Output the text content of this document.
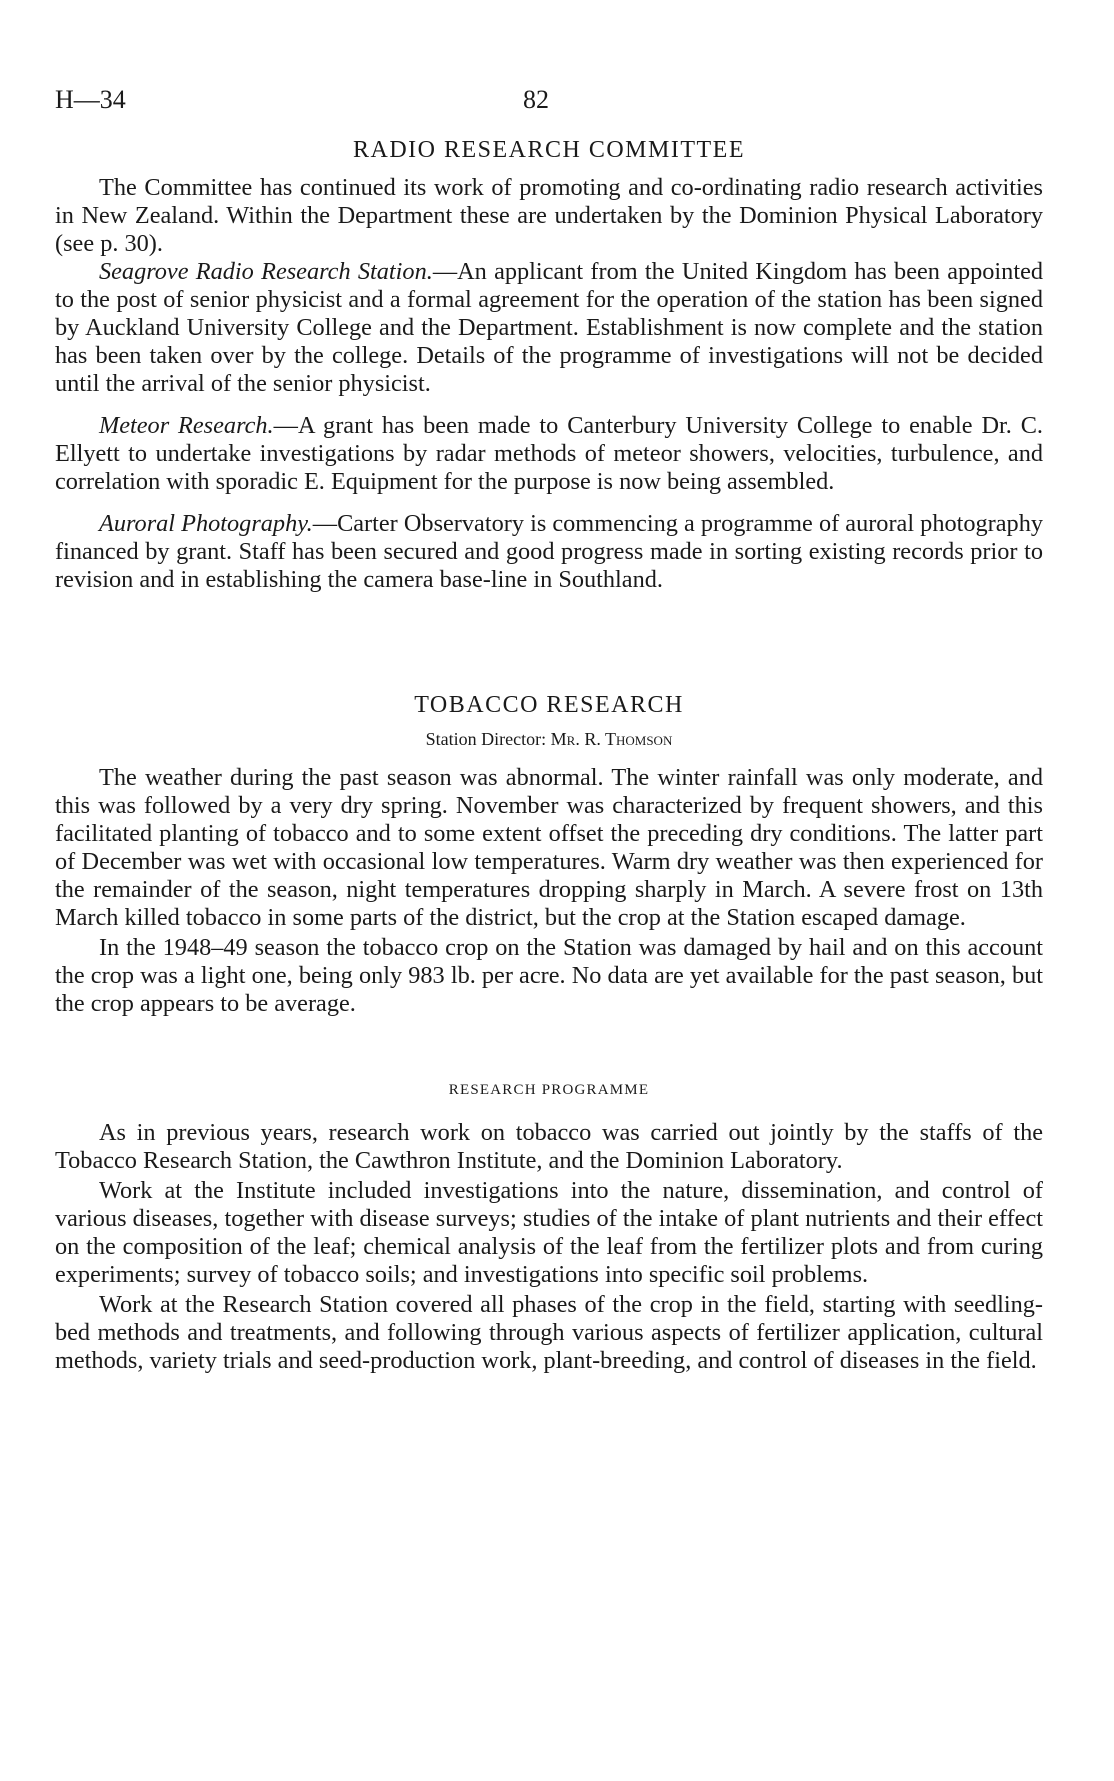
H—34	82
RADIO RESEARCH COMMITTEE

The Committee has continued its work of promoting and co-ordinating radio research activities in New Zealand. Within the Department these are undertaken by the Dominion Physical Laboratory (see p. 30).

Seagrove Radio Research Station.—An applicant from the United Kingdom has been appointed to the post of senior physicist and a formal agreement for the operation of the station has been signed by Auckland University College and the Department. Establishment is now complete and the station has been taken over by the college. Details of the programme of investigations will not be decided until the arrival of the senior physicist.

Meteor Research.—A grant has been made to Canterbury University College to enable Dr. C. Ellyett to undertake investigations by radar methods of meteor showers, velocities, turbulence, and correlation with sporadic E. Equipment for the purpose is now being assembled.

Auroral Photography.—Carter Observatory is commencing a programme of auroral photography financed by grant. Staff has been secured and good progress made in sorting existing records prior to revision and in establishing the camera base-line in Southland.

TOBACCO RESEARCH
Station Director: Mr. R. Thomson

The weather during the past season was abnormal. The winter rainfall was only moderate, and this was followed by a very dry spring. November was characterized by frequent showers, and this facilitated planting of tobacco and to some extent offset the preceding dry conditions. The latter part of December was wet with occasional low temperatures. Warm dry weather was then experienced for the remainder of the season, night temperatures dropping sharply in March. A severe frost on 13th March killed tobacco in some parts of the district, but the crop at the Station escaped damage.

In the 1948–49 season the tobacco crop on the Station was damaged by hail and on this account the crop was a light one, being only 983 lb. per acre. No data are yet available for the past season, but the crop appears to be average.

RESEARCH PROGRAMME

As in previous years, research work on tobacco was carried out jointly by the staffs of the Tobacco Research Station, the Cawthron Institute, and the Dominion Laboratory.

Work at the Institute included investigations into the nature, dissemination, and control of various diseases, together with disease surveys; studies of the intake of plant nutrients and their effect on the composition of the leaf; chemical analysis of the leaf from the fertilizer plots and from curing experiments; survey of tobacco soils; and investigations into specific soil problems.

Work at the Research Station covered all phases of the crop in the field, starting with seedling-bed methods and treatments, and following through various aspects of fertilizer application, cultural methods, variety trials and seed-production work, plant-breeding, and control of diseases in the field.
